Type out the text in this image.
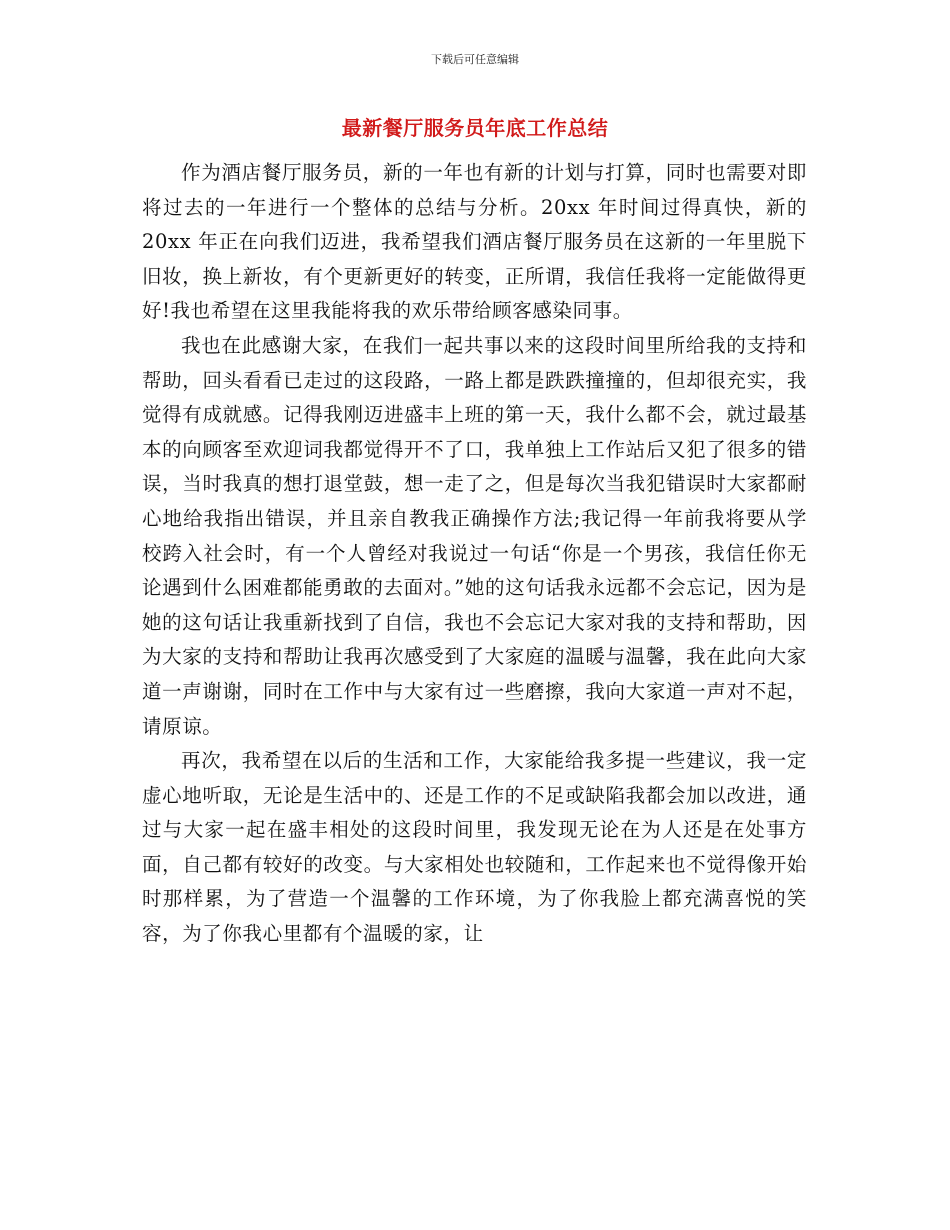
下载后可任意编辑
最新餐厅服务员年底工作总结

作为酒店餐厅服务员，新的一年也有新的计划与打算，同时也需要对即将过去的一年进行一个整体的总结与分析。20xx 年时间过得真快，新的 20xx 年正在向我们迈进，我希望我们酒店餐厅服务员在这新的一年里脱下旧妆，换上新妆，有个更新更好的转变，正所谓，我信任我将一定能做得更好!我也希望在这里我能将我的欢乐带给顾客感染同事。

我也在此感谢大家，在我们一起共事以来的这段时间里所给我的支持和帮助，回头看看已走过的这段路，一路上都是跌跌撞撞的，但却很充实，我觉得有成就感。记得我刚迈进盛丰上班的第一天，我什么都不会，就过最基本的向顾客至欢迎词我都觉得开不了口，我单独上工作站后又犯了很多的错误，当时我真的想打退堂鼓，想一走了之，但是每次当我犯错误时大家都耐心地给我指出错误，并且亲自教我正确操作方法;我记得一年前我将要从学校跨入社会时，有一个人曾经对我说过一句话“你是一个男孩，我信任你无论遇到什么困难都能勇敢的去面对。”她的这句话我永远都不会忘记，因为是她的这句话让我重新找到了自信，我也不会忘记大家对我的支持和帮助，因为大家的支持和帮助让我再次感受到了大家庭的温暖与温馨，我在此向大家道一声谢谢，同时在工作中与大家有过一些磨擦，我向大家道一声对不起，请原谅。

再次，我希望在以后的生活和工作，大家能给我多提一些建议，我一定虚心地听取，无论是生活中的、还是工作的不足或缺陷我都会加以改进，通过与大家一起在盛丰相处的这段时间里，我发现无论在为人还是在处事方面，自己都有较好的改变。与大家相处也较随和，工作起来也不觉得像开始时那样累，为了营造一个温馨的工作环境，为了你我脸上都充满喜悦的笑容，为了你我心里都有个温暖的家，让
